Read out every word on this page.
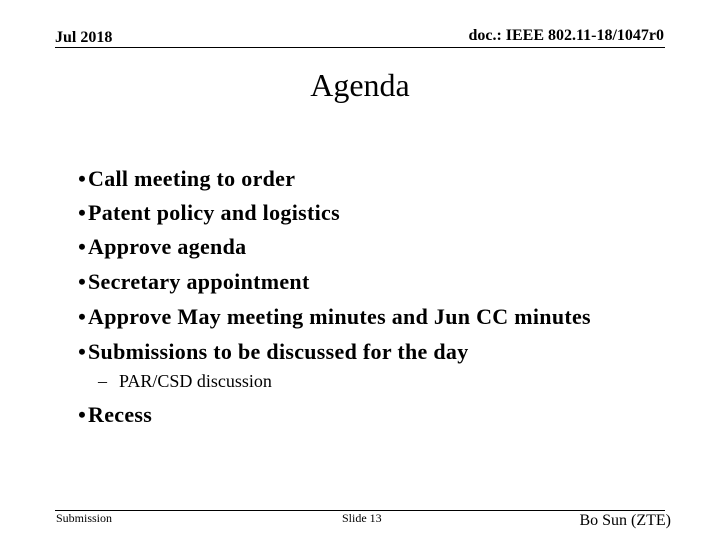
Jul 2018	doc.: IEEE 802.11-18/1047r0
Agenda
• Call meeting to order
• Patent policy and logistics
• Approve agenda
• Secretary appointment
• Approve May meeting minutes and Jun CC minutes
• Submissions to be discussed for the day
– PAR/CSD discussion
• Recess
Submission	Slide 13	Bo Sun (ZTE)
